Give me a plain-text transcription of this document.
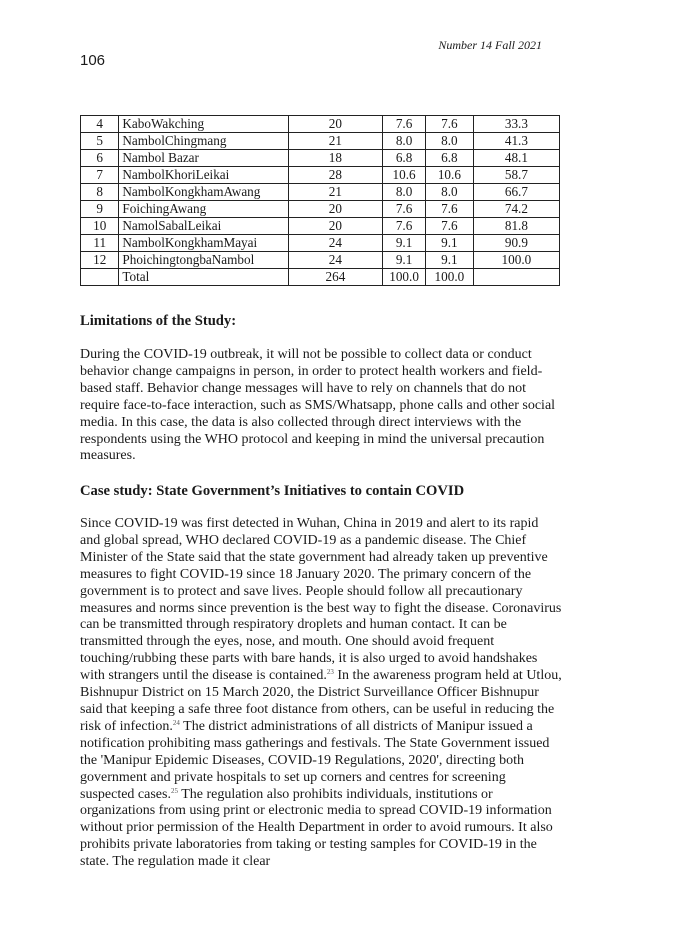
Number 14 Fall 2021
106
4	KaboWakching	20	7.6	7.6	33.3
5	NambolChingmang	21	8.0	8.0	41.3
6	Nambol Bazar	18	6.8	6.8	48.1
7	NambolKhoriLeikai	28	10.6	10.6	58.7
8	NambolKongkhamAwang	21	8.0	8.0	66.7
9	FoichingAwang	20	7.6	7.6	74.2
10	NamolSabalLeikai	20	7.6	7.6	81.8
11	NambolKongkhamMayai	24	9.1	9.1	90.9
12	PhoichingtongbaNambol	24	9.1	9.1	100.0
	Total	264	100.0	100.0	
Limitations of the Study:

During the COVID-19 outbreak, it will not be possible to collect data or conduct behavior change campaigns in person, in order to protect health workers and field-based staff. Behavior change messages will have to rely on channels that do not require face-to-face interaction, such as SMS/Whatsapp, phone calls and other social media. In this case, the data is also collected through direct interviews with the respondents using the WHO protocol and keeping in mind the universal precaution measures.

Case study: State Government’s Initiatives to contain COVID

Since COVID-19 was first detected in Wuhan, China in 2019 and alert to its rapid and global spread, WHO declared COVID-19 as a pandemic disease. The Chief Minister of the State said that the state government had already taken up preventive measures to fight COVID-19 since 18 January 2020. The primary concern of the government is to protect and save lives. People should follow all precautionary measures and norms since prevention is the best way to fight the disease. Coronavirus can be transmitted through respiratory droplets and human contact. It can be transmitted through the eyes, nose, and mouth. One should avoid frequent touching/rubbing these parts with bare hands, it is also urged to avoid handshakes with strangers until the disease is contained.$^{23}$ In the awareness program held at Utlou, Bishnupur District on 15 March 2020, the District Surveillance Officer Bishnupur said that keeping a safe three foot distance from others, can be useful in reducing the risk of infection.$^{24}$ The district administrations of all districts of Manipur issued a notification prohibiting mass gatherings and festivals. The State Government issued the 'Manipur Epidemic Diseases, COVID-19 Regulations, 2020', directing both government and private hospitals to set up corners and centres for screening suspected cases.$^{25}$ The regulation also prohibits individuals, institutions or organizations from using print or electronic media to spread COVID-19 information without prior permission of the Health Department in order to avoid rumours. It also prohibits private laboratories from taking or testing samples for COVID-19 in the state. The regulation made it clear
